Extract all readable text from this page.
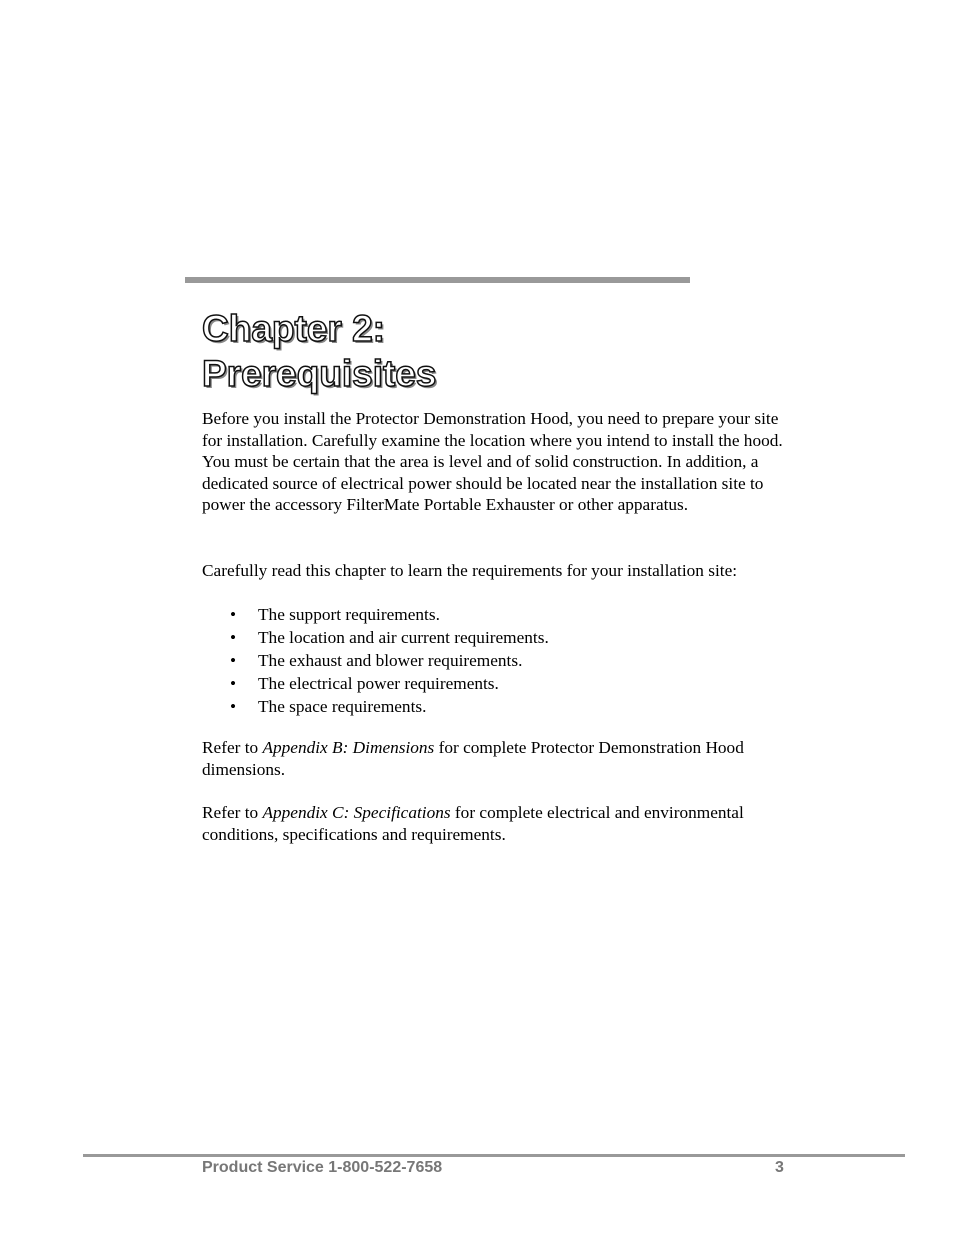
Chapter 2:
Prerequisites

Before you install the Protector Demonstration Hood, you need to prepare your site for installation. Carefully examine the location where you intend to install the hood. You must be certain that the area is level and of solid construction. In addition, a dedicated source of electrical power should be located near the installation site to power the accessory FilterMate Portable Exhauster or other apparatus.

Carefully read this chapter to learn the requirements for your installation site:

• The support requirements.
• The location and air current requirements.
• The exhaust and blower requirements.
• The electrical power requirements.
• The space requirements.

Refer to Appendix B: Dimensions for complete Protector Demonstration Hood dimensions.

Refer to Appendix C: Specifications for complete electrical and environmental conditions, specifications and requirements.

Product Service 1-800-522-7658	3
